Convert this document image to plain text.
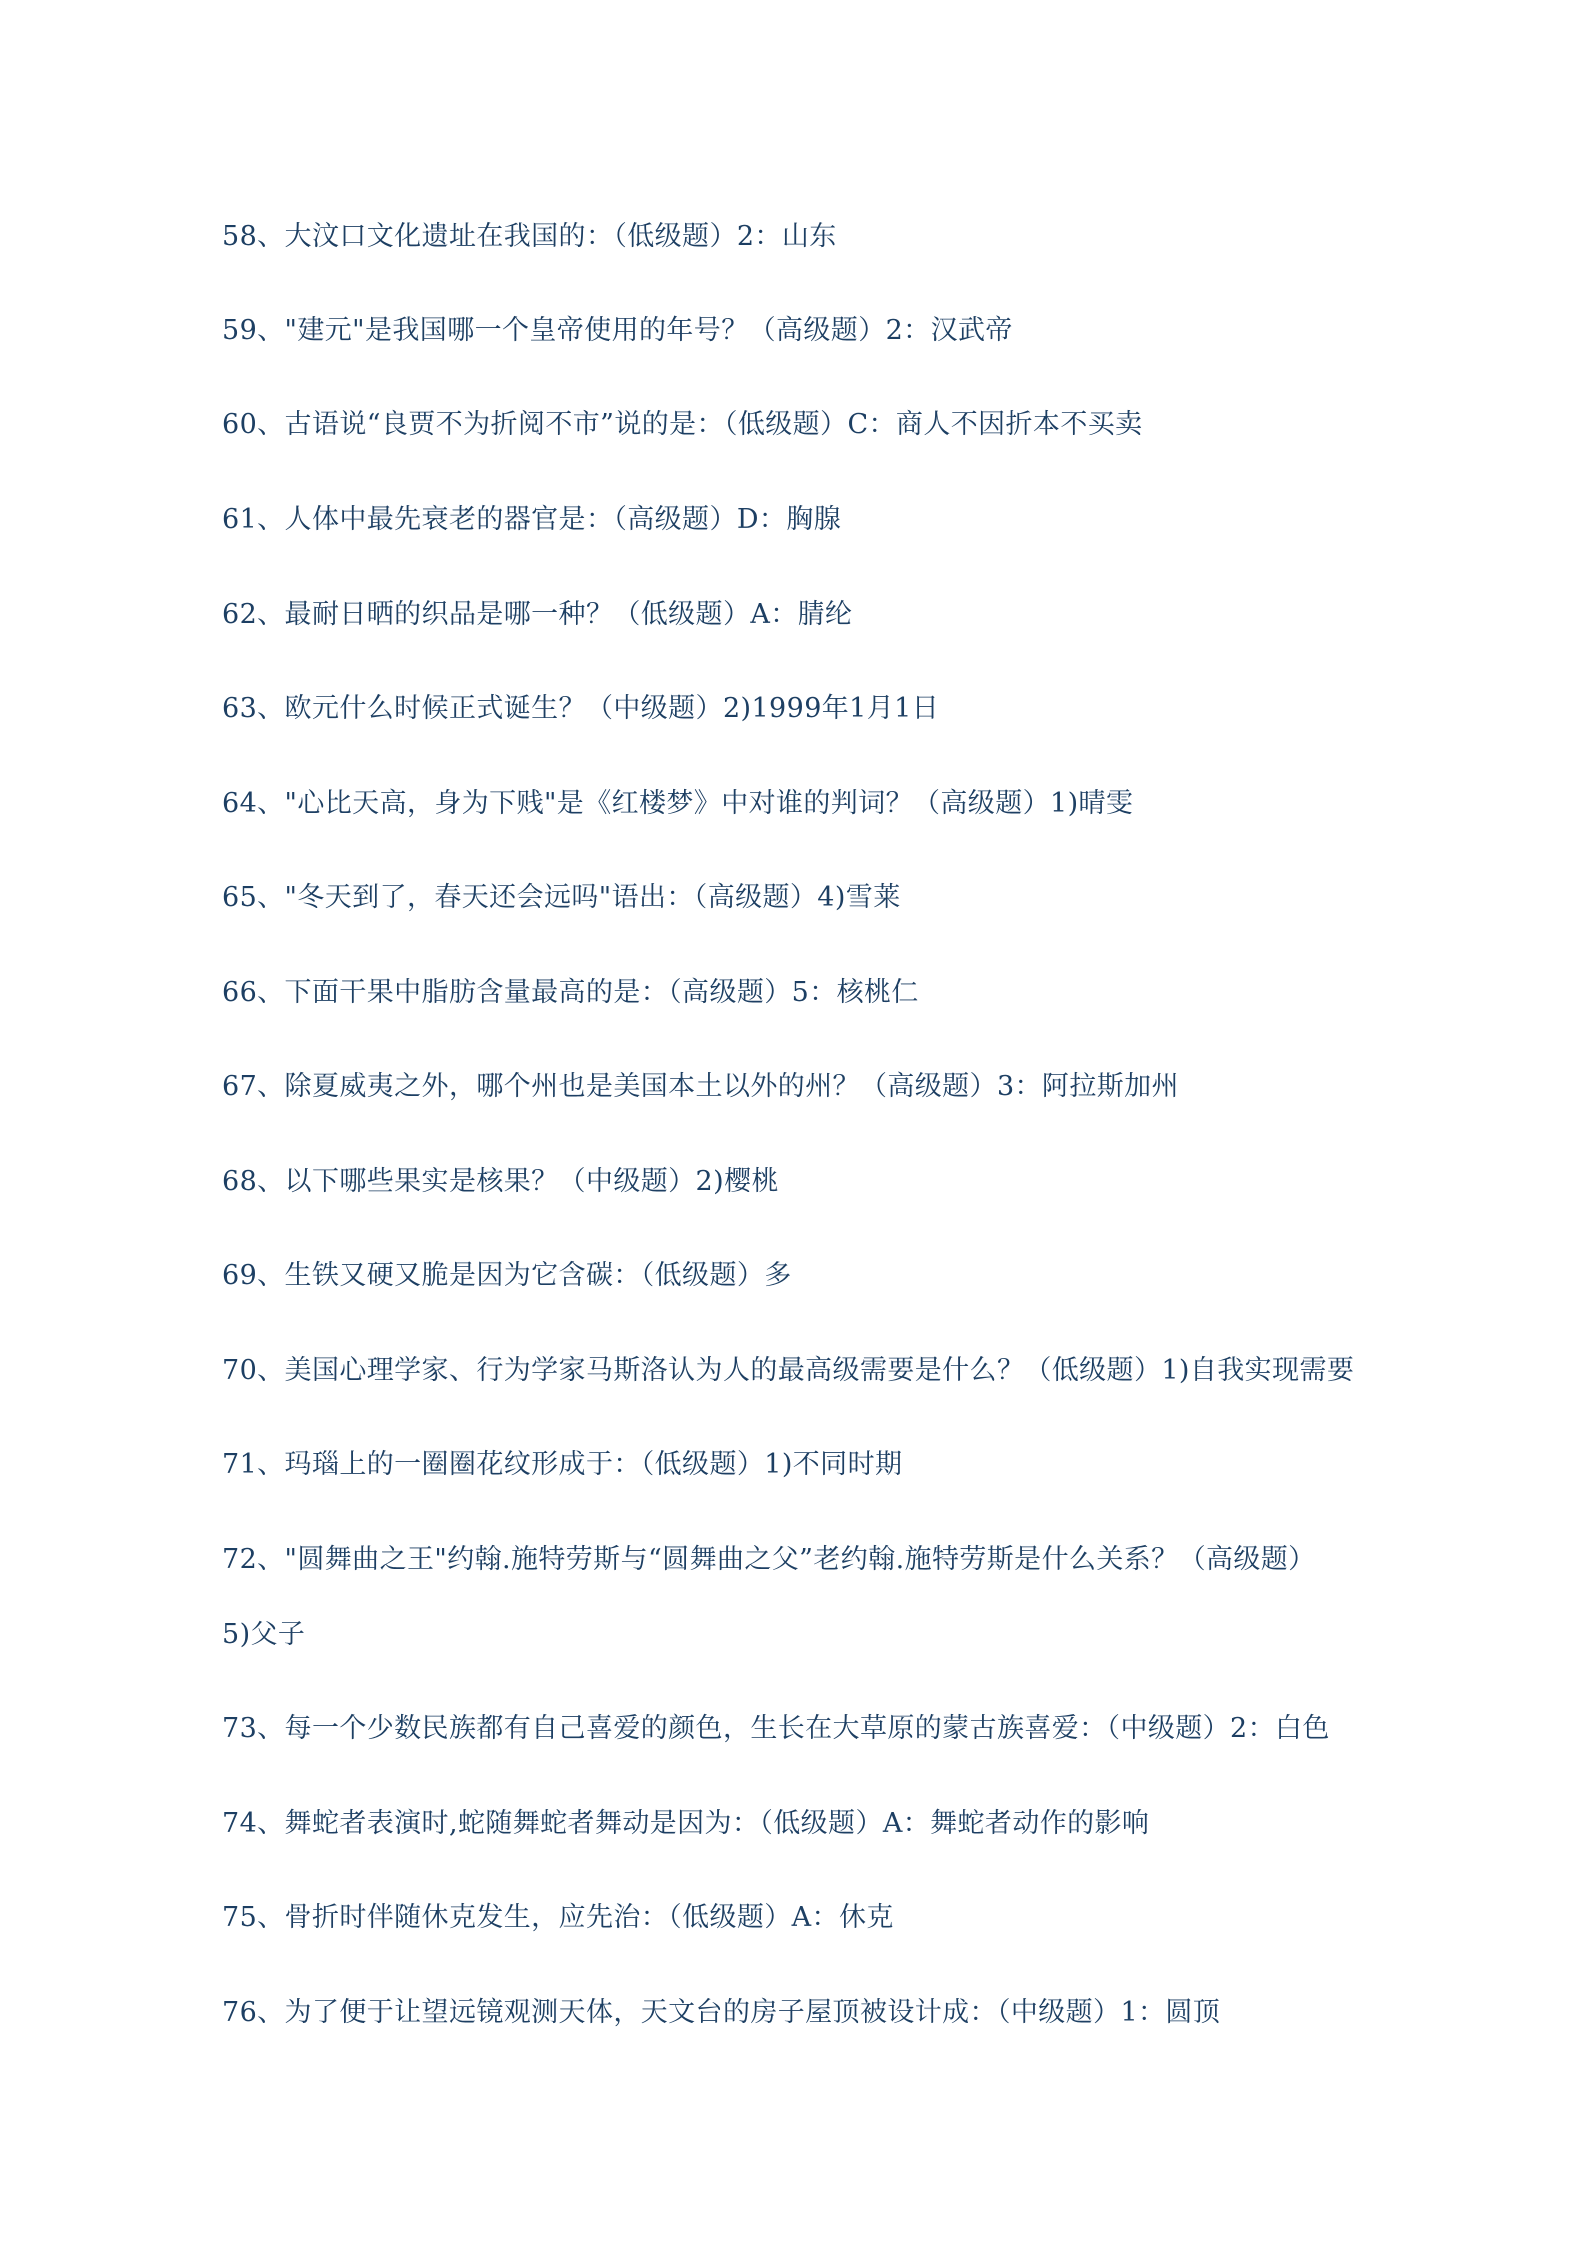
58、大汶口文化遗址在我国的：（低级题）2：山东
59、"建元"是我国哪一个皇帝使用的年号？（高级题）2：汉武帝
60、古语说“良贾不为折阅不市”说的是：（低级题）C：商人不因折本不买卖
61、人体中最先衰老的器官是：（高级题）D：胸腺
62、最耐日晒的织品是哪一种？（低级题）A：腈纶
63、欧元什么时候正式诞生？（中级题）2)1999年1月1日
64、"心比天高，身为下贱"是《红楼梦》中对谁的判词？（高级题）1)晴雯
65、"冬天到了，春天还会远吗"语出：（高级题）4)雪莱
66、下面干果中脂肪含量最高的是：（高级题）5：核桃仁
67、除夏威夷之外，哪个州也是美国本土以外的州？（高级题）3：阿拉斯加州
68、以下哪些果实是核果？（中级题）2)樱桃
69、生铁又硬又脆是因为它含碳：（低级题）多
70、美国心理学家、行为学家马斯洛认为人的最高级需要是什么？（低级题）1)自我实现需要
71、玛瑙上的一圈圈花纹形成于：（低级题）1)不同时期
72、"圆舞曲之王"约翰.施特劳斯与“圆舞曲之父”老约翰.施特劳斯是什么关系？（高级题）
5)父子
73、每一个少数民族都有自己喜爱的颜色，生长在大草原的蒙古族喜爱：（中级题）2：白色
74、舞蛇者表演时,蛇随舞蛇者舞动是因为：（低级题）A：舞蛇者动作的影响
75、骨折时伴随休克发生，应先治：（低级题）A：休克
76、为了便于让望远镜观测天体，天文台的房子屋顶被设计成：（中级题）1：圆顶
